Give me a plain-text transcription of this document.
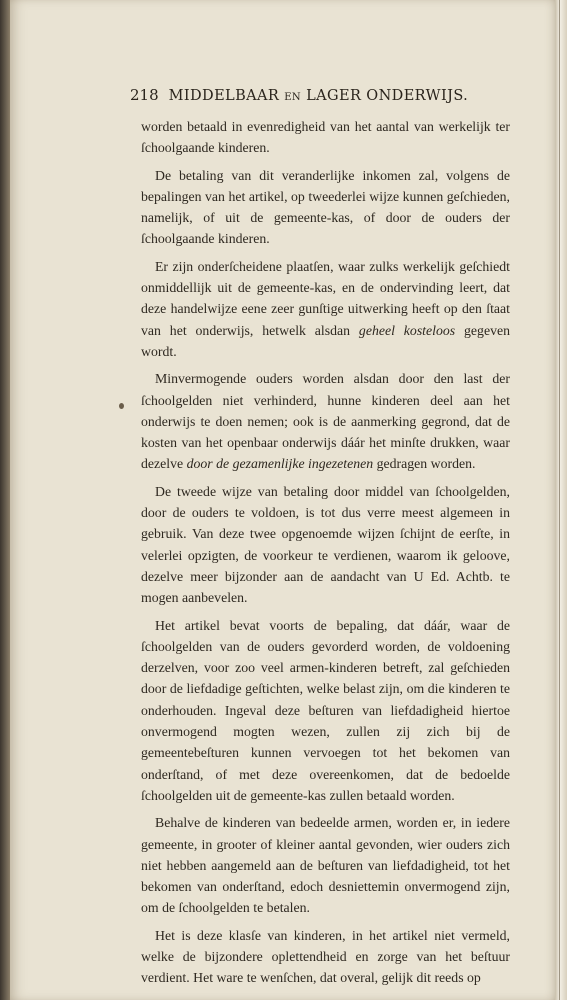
218 MIDDELBAAR EN LAGER ONDERWIJS.

worden betaald in evenredigheid van het aantal van werkelijk ter ſchoolgaande kinderen.

De betaling van dit veranderlijke inkomen zal, volgens de bepalingen van het artikel, op tweederlei wijze kunnen geſchieden, namelijk, of uit de gemeente-kas, of door de ouders der ſchoolgaande kinderen.

Er zijn onderſcheidene plaatſen, waar zulks werkelijk geſchiedt onmiddellijk uit de gemeente-kas, en de ondervinding leert, dat deze handelwijze eene zeer gunſtige uitwerking heeft op den ſtaat van het onderwijs, hetwelk alsdan geheel kosteloos gegeven wordt.

Minvermogende ouders worden alsdan door den last der ſchoolgelden niet verhinderd, hunne kinderen deel aan het onderwijs te doen nemen; ook is de aanmerking gegrond, dat de kosten van het openbaar onderwijs dáár het minſte drukken, waar dezelve door de gezamenlijke ingezetenen gedragen worden.

De tweede wijze van betaling door middel van ſchoolgelden, door de ouders te voldoen, is tot dus verre meest algemeen in gebruik. Van deze twee opgenoemde wijzen ſchijnt de eerſte, in velerlei opzigten, de voorkeur te verdienen, waarom ik geloove, dezelve meer bijzonder aan de aandacht van U Ed. Achtb. te mogen aanbevelen.

Het artikel bevat voorts de bepaling, dat dáár, waar de ſchoolgelden van de ouders gevorderd worden, de voldoening derzelven, voor zoo veel armen-kinderen betreft, zal geſchieden door de liefdadige geſtichten, welke belast zijn, om die kinderen te onderhouden. Ingeval deze beſturen van liefdadigheid hiertoe onvermogend mogten wezen, zullen zij zich bij de gemeentebeſturen kunnen vervoegen tot het bekomen van onderſtand, of met deze overeenkomen, dat de bedoelde ſchoolgelden uit de gemeente-kas zullen betaald worden.

Behalve de kinderen van bedeelde armen, worden er, in iedere gemeente, in grooter of kleiner aantal gevonden, wier ouders zich niet hebben aangemeld aan de beſturen van liefdadigheid, tot het bekomen van onderſtand, edoch desniettemin onvermogend zijn, om de ſchoolgelden te betalen.

Het is deze klasſe van kinderen, in het artikel niet vermeld, welke de bijzondere oplettendheid en zorge van het beſtuur verdient. Het ware te wenſchen, dat overal, gelijk dit reeds op
